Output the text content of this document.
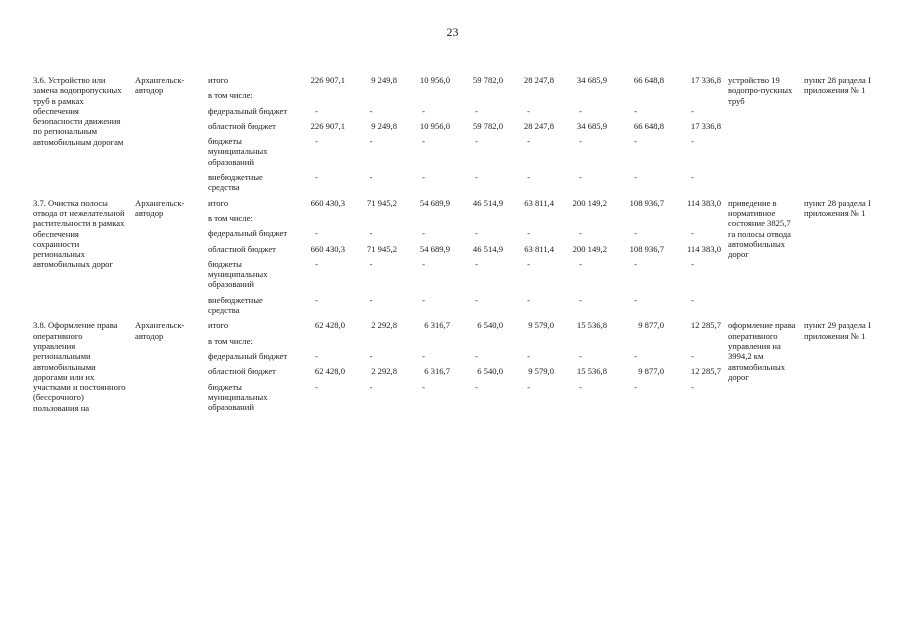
23
3.6. Устройство или замена водопропускных труб в рамках обеспечения безопасности движения по региональным автомобильным дорогам	Архангельск-автодор	итого	226 907,1	9 249,8	10 956,0	59 782,0	28 247,8	34 685,9	66 648,8	17 336,8	устройство 19 водопро-пускных труб	пункт 28 раздела I приложения № 1
		в том числе:										
		федеральный бюджет	-	-	-	-	-	-	-	-		
		областной бюджет	226 907,1	9 249,8	10 956,0	59 782,0	28 247,8	34 685,9	66 648,8	17 336,8		
		бюджеты муниципальных образований	-	-	-	-	-	-	-	-		
		внебюджетные средства	-	-	-	-	-	-	-	-		
3.7. Очистка полосы отвода от нежелательной растительности в рамках обеспечения сохранности региональных автомобильных дорог	Архангельск-автодор	итого	660 430,3	71 945,2	54 689,9	46 514,9	63 811,4	200 149,2	108 936,7	114 383,0	приведение в нормативное состояние 3825,7 га полосы отвода автомобильных дорог	пункт 28 раздела I приложения № 1
		в том числе:										
		федеральный бюджет	-	-	-	-	-	-	-	-		
		областной бюджет	660 430,3	71 945,2	54 689,9	46 514,9	63 811,4	200 149,2	108 936,7	114 383,0		
		бюджеты муниципальных образований	-	-	-	-	-	-	-	-		
		внебюджетные средства	-	-	-	-	-	-	-	-		
3.8. Оформление права оперативного управления региональными автомобильными дорогами или их участками и постоянного (бессрочного) пользования на	Архангельск-автодор	итого	62 428,0	2 292,8	6 316,7	6 540,0	9 579,0	15 536,8	9 877,0	12 285,7	оформление права оперативного управления на 3994,2 км автомобильных дорог	пункт 29 раздела I приложения № 1
		в том числе:										
		федеральный бюджет	-	-	-	-	-	-	-	-		
		областной бюджет	62 428,0	2 292,8	6 316,7	6 540,0	9 579,0	15 536,8	9 877,0	12 285,7		
		бюджеты муниципальных образований	-	-	-	-	-	-	-	-		
